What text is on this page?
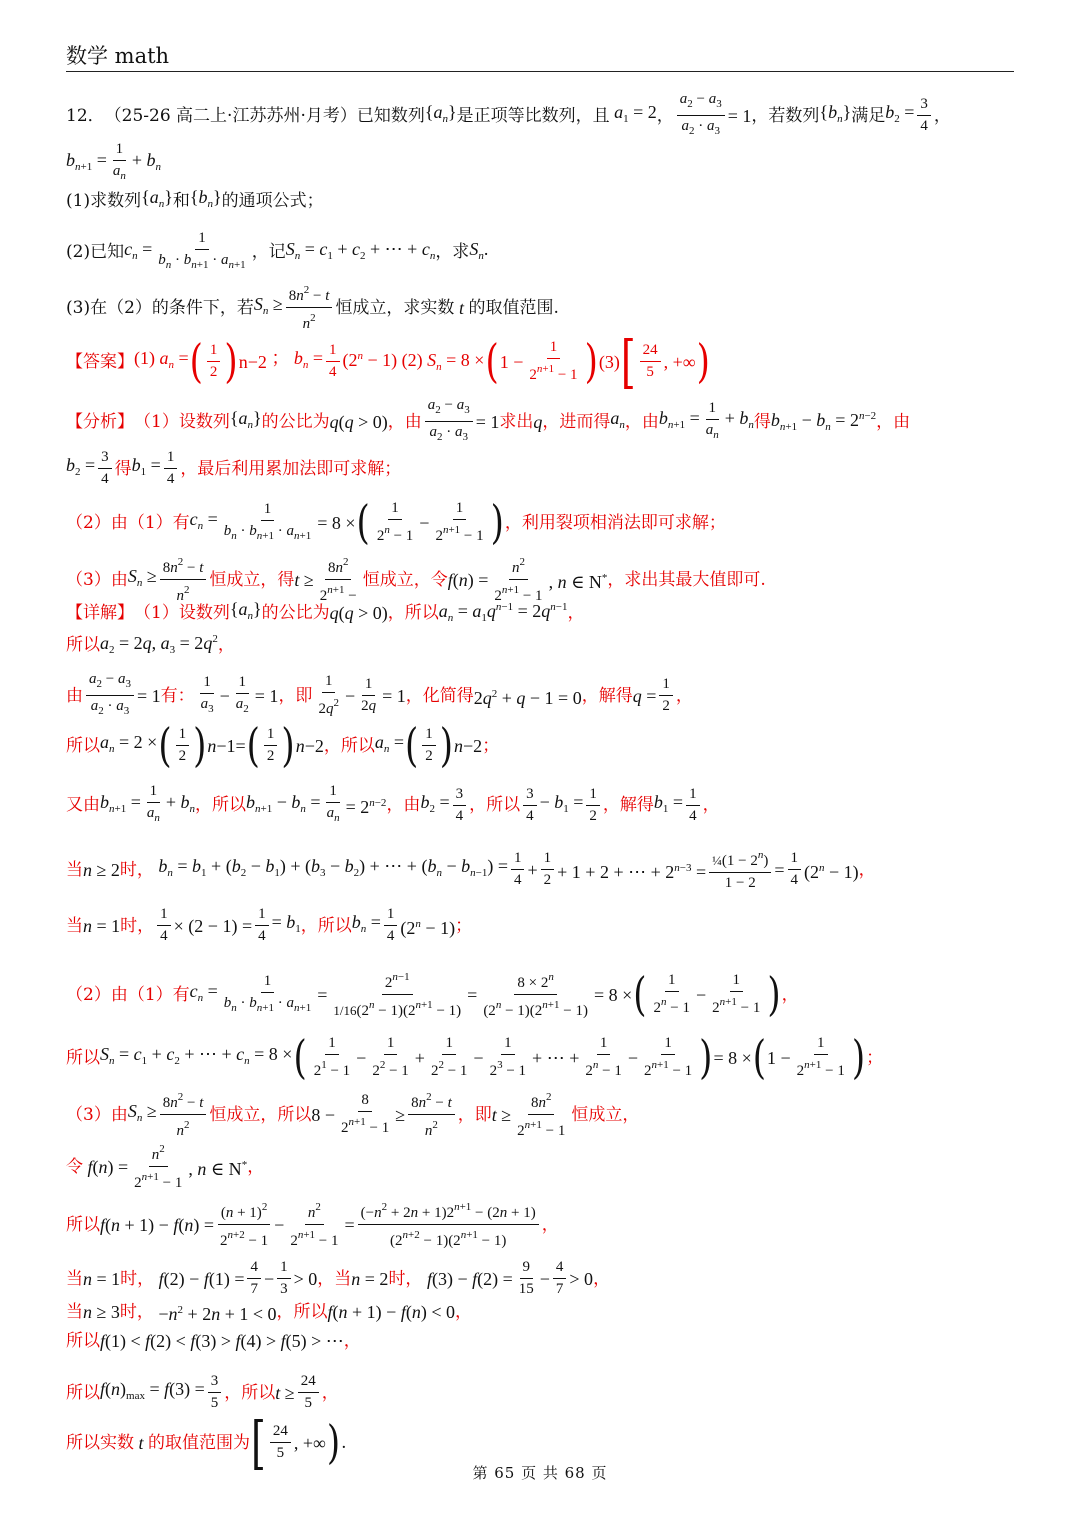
数学 math
12． （25-26 高二上·江苏苏州·月考） 已知数列 $\{a_n\}$ 是正项等比数列，且 $a_1 = 2$ ， $\frac{a_2 - a_3}{a_2 \cdot a_3} = 1$ ，若数列 $\{b_n\}$ 满足 $b_2 = \frac{3}{4}$ ，
$b_{n+1} = \frac{1}{a_n} + b_n$
(1)求数列 $\{a_n\}$ 和 $\{b_n\}$ 的通项公式；
(2)已知 $c_n = \frac{1}{b_n \cdot b_{n+1} \cdot a_{n+1}}$ ，记 $S_n = c_1 + c_2$ + ⋯ + $c_n$ ，求 $S_n$.
(3)在（2）的条件下，若 $S_n \ge \frac{8n^2 - t}{n^2}$ 恒成立，求实数 t 的取值范围.
【答案】 (1) $a_n$ = ( $\frac{1}{2}$ ) n−2 ； $b_n = \frac{1}{4} (2^n - 1)$ (2) $S_n = 8$ × ( $1 - \frac{1}{2^{n+1} - 1}$ ) (3) [ $\frac{24}{5}$ , +∞ )
【分析】 （1）设数列 $\{a_n\}$ 的公比为 q(q > 0) ，由 $\frac{a_2 - a_3}{a_2 \cdot a_3} = 1$ 求出 q ，进而得 $a_n$ ，由 $b_{n+1} = \frac{1}{a_n} + b_n$ 得 $b_{n+1} - b_n = 2^{n-2}$ ，由
$b_2 = \frac{3}{4}$ 得 $b_1 = \frac{1}{4}$ ，最后利用累加法即可求解；
（2）由（1）有 $c_n = \frac{1}{b_n \cdot b_{n+1} \cdot a_{n+1}} = 8$ × ( $\frac{1}{2^n - 1} - \frac{1}{2^{n+1} - 1}$ ) ，利用裂项相消法即可求解；
（3）由 $S_n \ge \frac{8n^2 - t}{n^2}$ 恒成立，得 $t \ge \frac{8n^2}{2^{n+1} -}$ 恒成立，令 $f(n) = \frac{n^2}{2^{n+1} - 1}$ , n ∈ N* ，求出其最大值即可.
【详解】 （1）设数列 $\{a_n\}$ 的公比为 q(q > 0) ，所以 $a_n = a_1q^{n-1} = 2q^{n-1}$ ，
所以 $a_2 = 2q$, $a_3 = 2q^2$ ，
由 $\frac{a_2 - a_3}{a_2 \cdot a_3} = 1$ 有： $\frac{1}{a_3} - \frac{1}{a_2} = 1$ ，即 $\frac{1}{2q^2} - \frac{1}{2q} = 1$ ，化简得 $2q^2 + q - 1 = 0$ ，解得 $q = \frac{1}{2}$ ，
所以 $a_n = 2$ × ( $\frac{1}{2}$ ) n−1 = ( $\frac{1}{2}$ ) n−2 ，所以 $a_n$ = ( $\frac{1}{2}$ ) n−2 ；
又由 $b_{n+1} = \frac{1}{a_n} + b_n$ ，所以 $b_{n+1} - b_n = \frac{1}{a_n} = 2^{n-2}$ ，由 $b_2 = \frac{3}{4}$ ，所以 $\frac{3}{4} - b_1 = \frac{1}{2}$ ，解得 $b_1 = \frac{1}{4}$ ，
当 n ≥ 2 时， $b_n = b_1 + (b_2 - b_1) + (b_3 - b_2)$ + ⋯ + $(b_n - b_{n-1}) = \frac{1}{4} + \frac{1}{2} + 1 + 2$ + ⋯ + $2^{n-3} = \frac{\frac{1}{4}(1 - 2^n)}{1 - 2} = \frac{1}{4} (2^n - 1)$ ，
当 n = 1 时， $\frac{1}{4} \times (2 - 1) = \frac{1}{4} = b_1$ ，所以 $b_n = \frac{1}{4} (2^n - 1)$ ；
（2）由（1）有 $c_n = \frac{1}{b_n \cdot b_{n+1} \cdot a_{n+1}} = \frac{2^{n-1}}{1/16(2^n - 1)(2^{n+1} - 1)} = \frac{8 \times 2^n}{(2^n - 1)(2^{n+1} - 1)} = 8$ × ( $\frac{1}{2^n - 1} - \frac{1}{2^{n+1} - 1}$ ) ，
所以 $S_n = c_1 + c_2$ + ⋯ + $c_n = 8$ × ( $\frac{1}{2^1 - 1} - \frac{1}{2^2 - 1} + \frac{1}{2^2 - 1} - \frac{1}{2^3 - 1}$ + ⋯ + $\frac{1}{2^n - 1} - \frac{1}{2^{n+1} - 1}$ ) = 8 × ( $1 - \frac{1}{2^{n+1} - 1}$ ) ；
（3）由 $S_n \ge \frac{8n^2 - t}{n^2}$ 恒成立，所以 $8 - \frac{8}{2^{n+1} - 1} \ge \frac{8n^2 - t}{n^2}$ ，即 $t \ge \frac{8n^2}{2^{n+1} - 1}$ 恒成立，
令 $f(n) = \frac{n^2}{2^{n+1} - 1}$ , n ∈ N* ，
所以 $f(n + 1) - f(n) = \frac{(n + 1)^2}{2^{n+2} - 1} - \frac{n^2}{2^{n+1} - 1} = \frac{(-n^2 + 2n + 1)2^{n+1} - (2n + 1)}{(2^{n+2} - 1)(2^{n+1} - 1)}$ ，
当 n = 1 时， $f(2) - f(1) = \frac{4}{7} - \frac{1}{3} > 0$ ，当 n = 2 时， $f(3) - f(2) = \frac{9}{15} - \frac{4}{7} > 0$ ，
当 n ≥ 3 时， $-n^2 + 2n + 1 < 0$ ，所以 f(n + 1) − f(n) < 0 ，
所以 f(1) < f(2) < f(3) > f(4) > f(5) > ⋯ ，
所以 $f(n)_{max} = f(3) = \frac{3}{5}$ ，所以 $t \ge \frac{24}{5}$ ，
所以实数 t 的取值范围为 [ $\frac{24}{5}$ , +∞ ) .
第 65 页 共 68 页
